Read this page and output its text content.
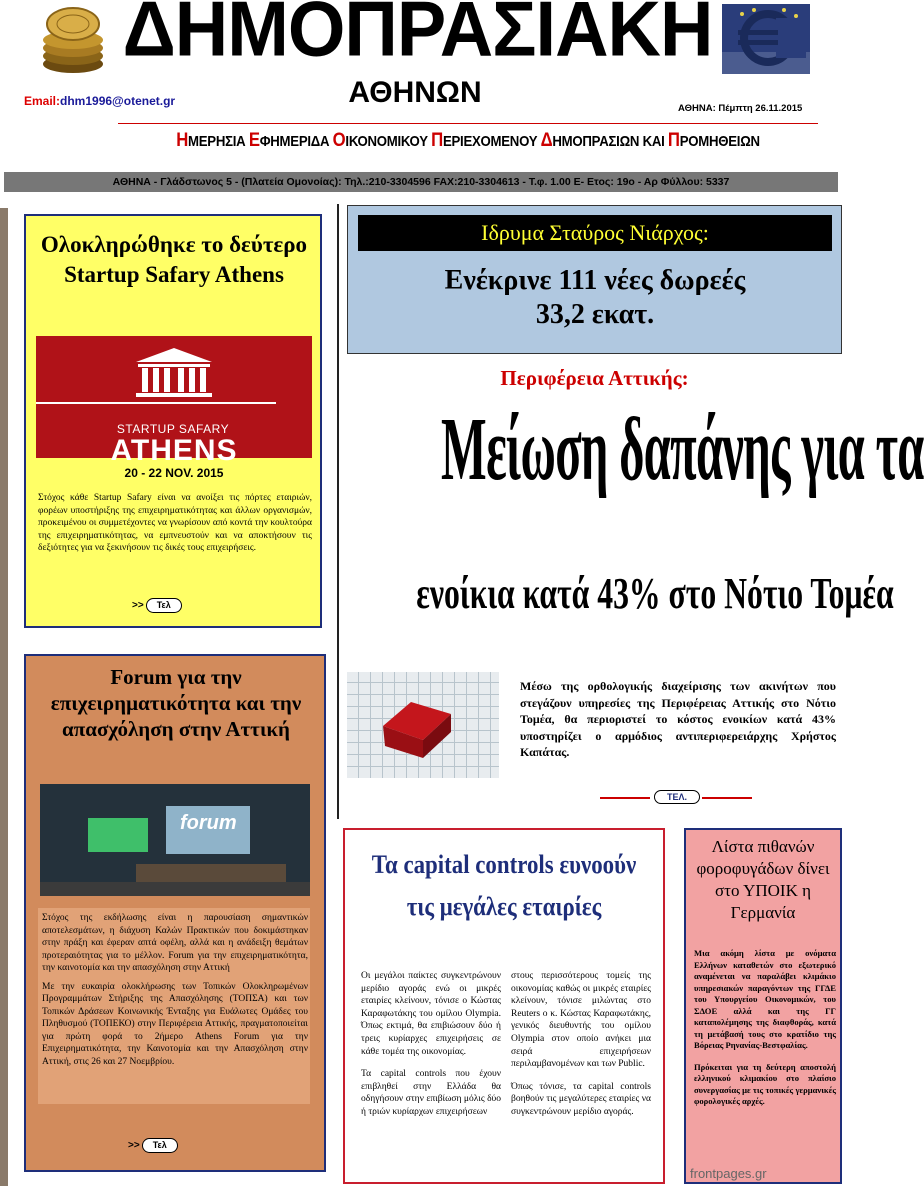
ΔΗΜΟΠΡΑΣΙΑΚΗ
Email:dhm1996@otenet.gr	ΑΘΗΝΩΝ	ΑΘΗΝΑ: Πέμπτη 26.11.2015
ΗΜΕΡΗΣΙΑ ΕΦΗΜΕΡΙΔΑ ΟΙΚΟΝΟΜΙΚΟΥ ΠΕΡΙΕΧΟΜΕΝΟΥ ΔΗΜΟΠΡΑΣΙΩΝ ΚΑΙ ΠΡΟΜΗΘΕΙΩΝ
ΑΘΗΝΑ - Γλάδστωνος 5 - (Πλατεία Ομονοίας): Τηλ.:210-3304596 FAX:210-3304613 - Τ.φ. 1.00 Ε- Ετος: 19ο - Αρ Φύλλου: 5337
Ολοκληρώθηκε το δεύτερο Startup Safary Athens
STARTUP SAFARY
ATHENS
20 - 22 NOV. 2015
Στόχος κάθε Startup Safary είναι να ανοίξει τις πόρτες εταιριών, φορέων υποστήριξης της επιχειρηματικότητας και άλλων οργανισμών, προκειμένου οι συμμετέχοντες να γνωρίσουν από κοντά την κουλτούρα της επιχειρηματικότητας, να εμπνευστούν και να αποκτήσουν τις δεξιότητες για να ξεκινήσουν τις δικές τους επιχειρήσεις.
>>	Τελ
Forum για την επιχειρηματικότητα και την απασχόληση στην Αττική
forum

Στόχος της εκδήλωσης είναι η παρουσίαση σημαντικών αποτελεσμάτων, η διάχυση Καλών Πρακτικών που δοκιμάστηκαν στην πράξη και έφεραν απτά οφέλη, αλλά και η ανάδειξη θεμάτων προτεραιότητας για το μέλλον. Forum για την επιχειρηματικότητα, την καινοτομία και την απασχόληση στην Αττική

Με την ευκαιρία ολοκλήρωσης των Τοπικών Ολοκληρωμένων Προγραμμάτων Στήριξης της Απασχόλησης (ΤΟΠΣΑ) και των Τοπικών Δράσεων Κοινωνικής Ένταξης για Ευάλωτες Ομάδες του Πληθυσμού (ΤΟΠΕΚΟ) στην Περιφέρεια Αττικής, πραγματοποιείται για πρώτη φορά το 2ήμερο Athens Forum για την Επιχειρηματικότητα, την Καινοτομία και την Απασχόληση στην Αττική, στις 26 και 27 Νοεμβρίου.

>>	Τελ
Ιδρυμα Σταύρος Νιάρχος:
Ενέκρινε 111 νέες δωρεές
33,2 εκατ.
Περιφέρεια Αττικής:
Μείωση δαπάνης για τα
ενοίκια κατά 43% στο Νότιο Τομέα
Μέσω της ορθολογικής διαχείρισης των ακινήτων που στεγάζουν υπηρεσίες της Περιφέρειας Αττικής στο Νότιο Τομέα, θα περιοριστεί το κόστος ενοικίων κατά 43% υποστηρίζει ο αρμόδιος αντιπεριφερειάρχης Χρήστος Καπάτας.
ΤΕΛ.
Τα capital controls ευνοούν
τις μεγάλες εταιρίες

Οι μεγάλοι παίκτες συγκεντρώνουν μερίδιο αγοράς ενώ οι μικρές εταιρίες κλείνουν, τόνισε ο Κώστας Καραφωτάκης του ομίλου Olympia. Όπως εκτιμά, θα επιβιώσουν δύο ή τρεις κυρίαρχες επιχειρήσεις σε κάθε τομέα της οικονομίας.

Τα capital controls που έχουν επιβληθεί στην Ελλάδα θα οδηγήσουν στην επιβίωση μόλις δύο ή τριών κυρίαρχων επιχειρήσεων

στους περισσότερους τομείς της οικονομίας καθώς οι μικρές εταιρίες κλείνουν, τόνισε μιλώντας στο Reuters ο κ. Κώστας Καραφωτάκης, γενικός διευθυντής του ομίλου Olympia στον οποίο ανήκει μια σειρά επιχειρήσεων περιλαμβανομένων και των Public.

Όπως τόνισε, τα capital controls βοηθούν τις μεγαλύτερες εταιρίες να συγκεντρώνουν μερίδιο αγοράς.

Λίστα πιθανών φοροφυγάδων δίνει στο ΥΠΟΙΚ η Γερμανία

Μια ακόμη λίστα με ονόματα Ελλήνων καταθετών στο εξωτερικό αναμένεται να παραλάβει κλιμάκιο υπηρεσιακών παραγόντων της ΓΓΔΕ του Υπουργείου Οικονομικών, του ΣΔΟΕ αλλά και της ΓΓ καταπολέμησης της διαφθοράς, κατά τη μετάβασή τους στο κρατίδιο της Βόρειας Ρηνανίας-Βεστφαλίας.

Πρόκειται για τη δεύτερη αποστολή ελληνικού κλιμακίου στο πλαίσιο συνεργασίας με τις τοπικές γερμανικές φορολογικές αρχές.

frontpages.gr
